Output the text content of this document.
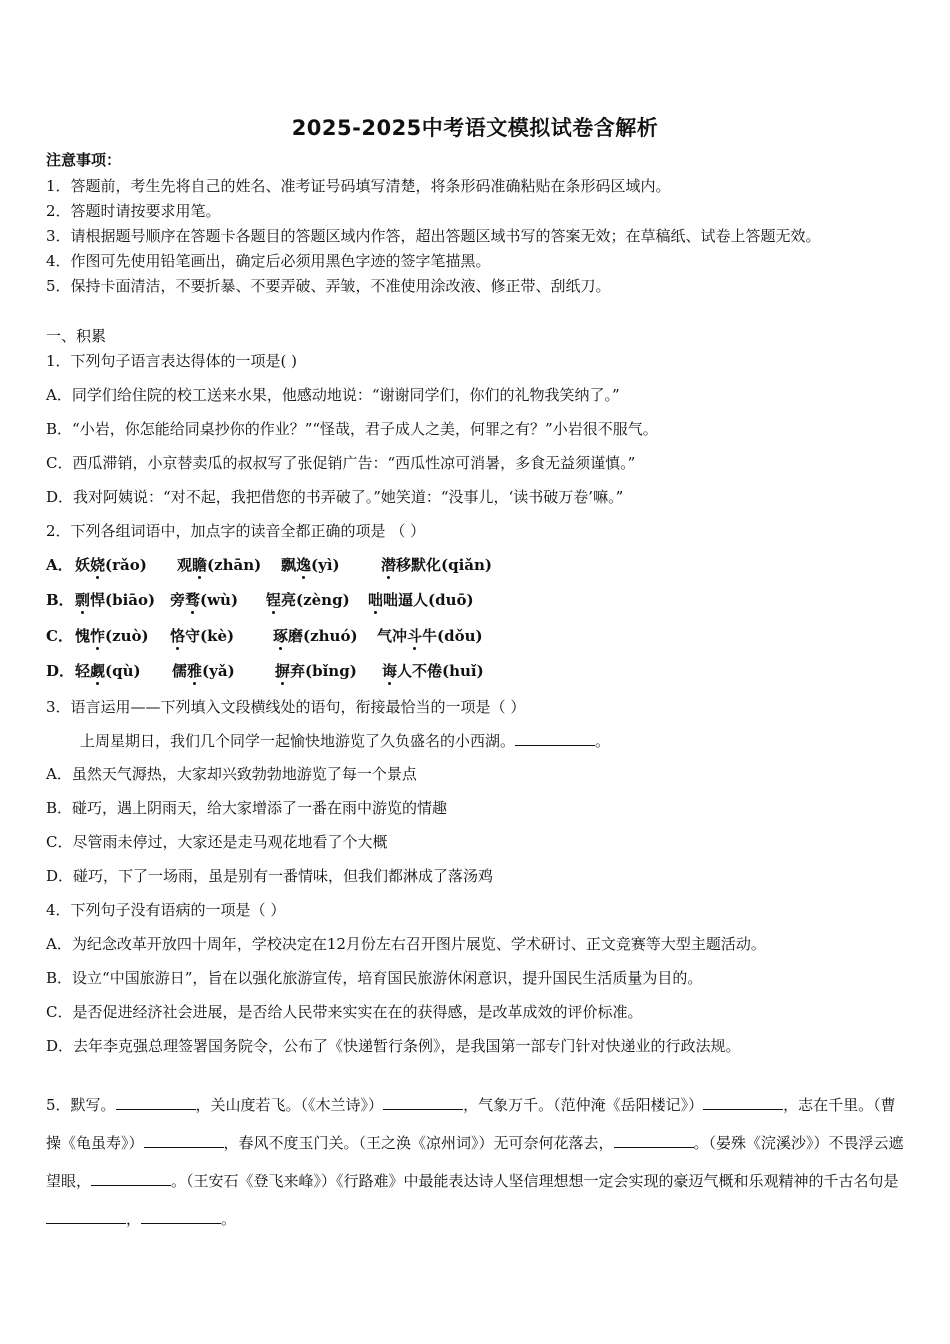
2025-2025中考语文模拟试卷含解析
注意事项：
1．答题前，考生先将自己的姓名、准考证号码填写清楚，将条形码准确粘贴在条形码区域内。
2．答题时请按要求用笔。
3．请根据题号顺序在答题卡各题目的答题区域内作答，超出答题区域书写的答案无效；在草稿纸、试卷上答题无效。
4．作图可先使用铅笔画出，确定后必须用黑色字迹的签字笔描黑。
5．保持卡面清洁，不要折暴、不要弄破、弄皱，不准使用涂改液、修正带、刮纸刀。
一、积累
1．下列句子语言表达得体的一项是( )
A．同学们给住院的校工送来水果，他感动地说：“谢谢同学们，你们的礼物我笑纳了。”
B．“小岩，你怎能给同桌抄你的作业？”“怪哉，君子成人之美，何罪之有？”小岩很不服气。
C．西瓜滞销，小京替卖瓜的叔叔写了张促销广告：“西瓜性凉可消暑，多食无益须谨慎。”
D．我对阿姨说：“对不起，我把借您的书弄破了。”她笑道：“没事儿，‘读书破万卷’嘛。”
2．下列各组词语中，加点字的读音全都正确的项是 （ ）
A． 妖娆(rǎo) 观瞻(zhān) 飘逸(yì)	潜移默化(qiǎn)
B． 剽悍(biāo) 旁骛(wù) 锃亮(zèng) 咄咄逼人(duō)
C． 愧怍(zuò) 恪守(kè)	琢磨(zhuó) 气冲斗牛(dǒu)
D． 轻觑(qù) 儒雅(yǎ)	摒弃(bǐng) 诲人不倦(huǐ)
3．语言运用——下列填入文段横线处的语句，衔接最恰当的一项是（ ）
上周星期日，我们几个同学一起愉快地游览了久负盛名的小西湖。	。
A．虽然天气溽热，大家却兴致勃勃地游览了每一个景点
B．碰巧，遇上阴雨天，给大家增添了一番在雨中游览的情趣
C．尽管雨未停过，大家还是走马观花地看了个大概
D．碰巧，下了一场雨，虽是别有一番情味，但我们都淋成了落汤鸡
4．下列句子没有语病的一项是（ ）
A．为纪念改革开放四十周年，学校决定在12月份左右召开图片展览、学术研讨、正文竞赛等大型主题活动。
B．设立“中国旅游日”，旨在以强化旅游宣传，培育国民旅游休闲意识，提升国民生活质量为目的。
C．是否促进经济社会进展，是否给人民带来实实在在的获得感，是改革成效的评价标准。
D．去年李克强总理签署国务院令，公布了《快递暂行条例》，是我国第一部专门针对快递业的行政法规。
5．默写。	，关山度若飞。（《木兰诗》）	，气象万千。（范仲淹《岳阳楼记》）	，志在千里。（曹操《龟虽寿》）	，春风不度玉门关。（王之涣《凉州词》）无可奈何花落去，	。（晏殊《浣溪沙》）不畏浮云遮望眼，	。（王安石《登飞来峰》）《行路难》中最能表达诗人坚信理想想一定会实现的豪迈气概和乐观精神的千古名句是，	。
